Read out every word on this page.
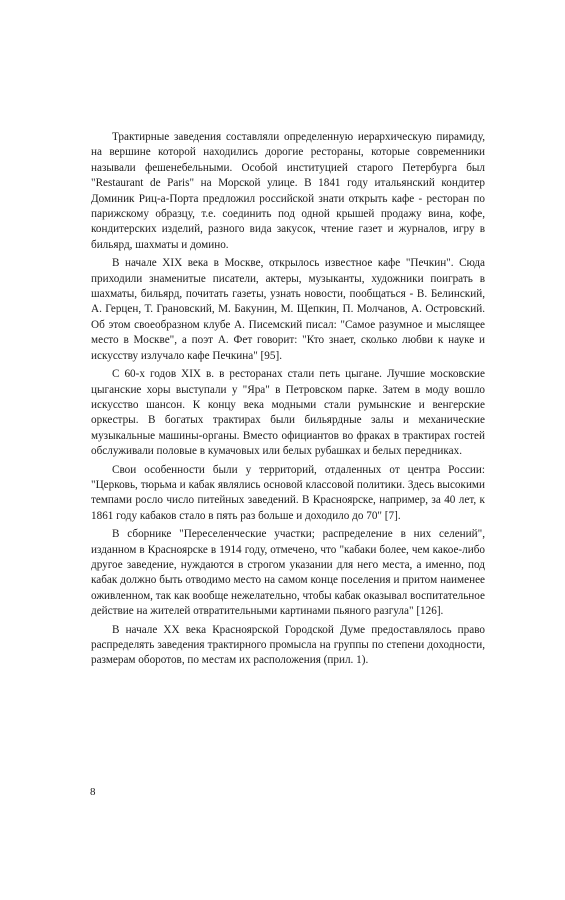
Трактирные заведения составляли определенную иерархическую пирамиду, на вершине которой находились дорогие рестораны, которые современники называли фешенебельными. Особой институцией старого Петербурга был "Restaurant de Paris" на Морской улице. В 1841 году итальянский кондитер Доминик Риц-а-Порта предложил российской знати открыть кафе - ресторан по парижскому образцу, т.е. соединить под одной крышей продажу вина, кофе, кондитерских изделий, разного вида закусок, чтение газет и журналов, игру в бильярд, шахматы и домино.

В начале XIX века в Москве, открылось известное кафе "Печкин". Сюда приходили знаменитые писатели, актеры, музыканты, художники поиграть в шахматы, бильярд, почитать газеты, узнать новости, пообщаться - В. Белинский, А. Герцен, Т. Грановский, М. Бакунин, М. Щепкин, П. Молчанов, А. Островский. Об этом своеобразном клубе А. Писемский писал: "Самое разумное и мыслящее место в Москве", а поэт А. Фет говорит: "Кто знает, сколько любви к науке и искусству излучало кафе Печкина" [95].

С 60-х годов XIX в. в ресторанах стали петь цыгане. Лучшие московские цыганские хоры выступали у "Яра" в Петровском парке. Затем в моду вошло искусство шансон. К концу века модными стали румынские и венгерские оркестры. В богатых трактирах были бильярдные залы и механические музыкальные машины-органы. Вместо официантов во фраках в трактирах гостей обслуживали половые в кумачовых или белых рубашках и белых передниках.

Свои особенности были у территорий, отдаленных от центра России: "Церковь, тюрьма и кабак являлись основой классовой политики. Здесь высокими темпами росло число питейных заведений. В Красноярске, например, за 40 лет, к 1861 году кабаков стало в пять раз больше и доходило до 70" [7].

В сборнике "Переселенческие участки; распределение в них селений", изданном в Красноярске в 1914 году, отмечено, что "кабаки более, чем какое-либо другое заведение, нуждаются в строгом указании для него места, а именно, под кабак должно быть отводимо место на самом конце поселения и притом наименее оживленном, так как вообще нежелательно, чтобы кабак оказывал воспитательное действие на жителей отвратительными картинами пьяного разгула" [126].

В начале XX века Красноярской Городской Думе предоставлялось право распределять заведения трактирного промысла на группы по степени доходности, размерам оборотов, по местам их расположения (прил. 1).

8
